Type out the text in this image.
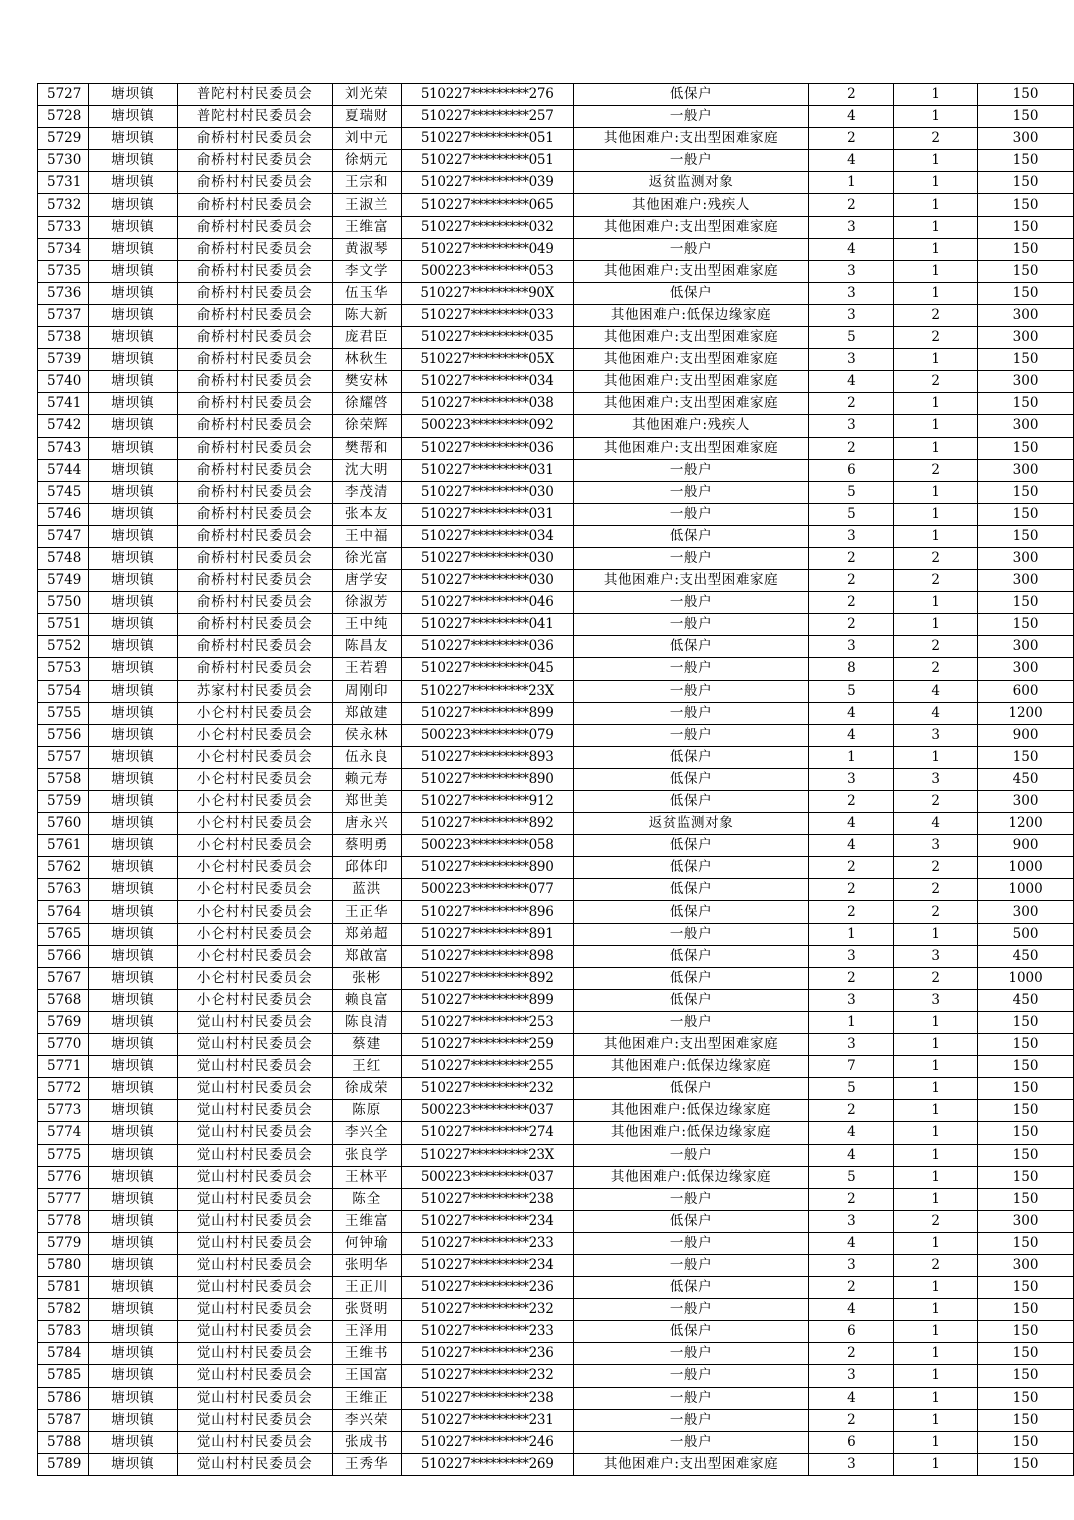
5727	塘坝镇	普陀村村民委员会	刘光荣	510227*********276	低保户	2	1	150
5728	塘坝镇	普陀村村民委员会	夏瑞财	510227*********257	一般户	4	1	150
5729	塘坝镇	俞桥村村民委员会	刘中元	510227*********051	其他困难户:支出型困难家庭	2	2	300
5730	塘坝镇	俞桥村村民委员会	徐炳元	510227*********051	一般户	4	1	150
5731	塘坝镇	俞桥村村民委员会	王宗和	510227*********039	返贫监测对象	1	1	150
5732	塘坝镇	俞桥村村民委员会	王淑兰	510227*********065	其他困难户:残疾人	2	1	150
5733	塘坝镇	俞桥村村民委员会	王维富	510227*********032	其他困难户:支出型困难家庭	3	1	150
5734	塘坝镇	俞桥村村民委员会	黄淑琴	510227*********049	一般户	4	1	150
5735	塘坝镇	俞桥村村民委员会	李文学	500223*********053	其他困难户:支出型困难家庭	3	1	150
5736	塘坝镇	俞桥村村民委员会	伍玉华	510227*********90X	低保户	3	1	150
5737	塘坝镇	俞桥村村民委员会	陈大新	510227*********033	其他困难户:低保边缘家庭	3	2	300
5738	塘坝镇	俞桥村村民委员会	庞君臣	510227*********035	其他困难户:支出型困难家庭	5	2	300
5739	塘坝镇	俞桥村村民委员会	林秋生	510227*********05X	其他困难户:支出型困难家庭	3	1	150
5740	塘坝镇	俞桥村村民委员会	樊安林	510227*********034	其他困难户:支出型困难家庭	4	2	300
5741	塘坝镇	俞桥村村民委员会	徐耀啓	510227*********038	其他困难户:支出型困难家庭	2	1	150
5742	塘坝镇	俞桥村村民委员会	徐荣辉	500223*********092	其他困难户:残疾人	3	1	300
5743	塘坝镇	俞桥村村民委员会	樊帮和	510227*********036	其他困难户:支出型困难家庭	2	1	150
5744	塘坝镇	俞桥村村民委员会	沈大明	510227*********031	一般户	6	2	300
5745	塘坝镇	俞桥村村民委员会	李茂清	510227*********030	一般户	5	1	150
5746	塘坝镇	俞桥村村民委员会	张本友	510227*********031	一般户	5	1	150
5747	塘坝镇	俞桥村村民委员会	王中福	510227*********034	低保户	3	1	150
5748	塘坝镇	俞桥村村民委员会	徐光富	510227*********030	一般户	2	2	300
5749	塘坝镇	俞桥村村民委员会	唐学安	510227*********030	其他困难户:支出型困难家庭	2	2	300
5750	塘坝镇	俞桥村村民委员会	徐淑芳	510227*********046	一般户	2	1	150
5751	塘坝镇	俞桥村村民委员会	王中纯	510227*********041	一般户	2	1	150
5752	塘坝镇	俞桥村村民委员会	陈昌友	510227*********036	低保户	3	2	300
5753	塘坝镇	俞桥村村民委员会	王若碧	510227*********045	一般户	8	2	300
5754	塘坝镇	苏家村村民委员会	周刚印	510227*********23X	一般户	5	4	600
5755	塘坝镇	小仑村村民委员会	郑啟建	510227*********899	一般户	4	4	1200
5756	塘坝镇	小仑村村民委员会	侯永林	500223*********079	一般户	4	3	900
5757	塘坝镇	小仑村村民委员会	伍永良	510227*********893	低保户	1	1	150
5758	塘坝镇	小仑村村民委员会	赖元寿	510227*********890	低保户	3	3	450
5759	塘坝镇	小仑村村民委员会	郑世美	510227*********912	低保户	2	2	300
5760	塘坝镇	小仑村村民委员会	唐永兴	510227*********892	返贫监测对象	4	4	1200
5761	塘坝镇	小仑村村民委员会	蔡明勇	500223*********058	低保户	4	3	900
5762	塘坝镇	小仑村村民委员会	邱体印	510227*********890	低保户	2	2	1000
5763	塘坝镇	小仑村村民委员会	蓝洪	500223*********077	低保户	2	2	1000
5764	塘坝镇	小仑村村民委员会	王正华	510227*********896	低保户	2	2	300
5765	塘坝镇	小仑村村民委员会	郑弟超	510227*********891	一般户	1	1	500
5766	塘坝镇	小仑村村民委员会	郑啟富	510227*********898	低保户	3	3	450
5767	塘坝镇	小仑村村民委员会	张彬	510227*********892	低保户	2	2	1000
5768	塘坝镇	小仑村村民委员会	赖良富	510227*********899	低保户	3	3	450
5769	塘坝镇	觉山村村民委员会	陈良清	510227*********253	一般户	1	1	150
5770	塘坝镇	觉山村村民委员会	蔡建	510227*********259	其他困难户:支出型困难家庭	3	1	150
5771	塘坝镇	觉山村村民委员会	王红	510227*********255	其他困难户:低保边缘家庭	7	1	150
5772	塘坝镇	觉山村村民委员会	徐成荣	510227*********232	低保户	5	1	150
5773	塘坝镇	觉山村村民委员会	陈原	500223*********037	其他困难户:低保边缘家庭	2	1	150
5774	塘坝镇	觉山村村民委员会	李兴全	510227*********274	其他困难户:低保边缘家庭	4	1	150
5775	塘坝镇	觉山村村民委员会	张良学	510227*********23X	一般户	4	1	150
5776	塘坝镇	觉山村村民委员会	王林平	500223*********037	其他困难户:低保边缘家庭	5	1	150
5777	塘坝镇	觉山村村民委员会	陈全	510227*********238	一般户	2	1	150
5778	塘坝镇	觉山村村民委员会	王维富	510227*********234	低保户	3	2	300
5779	塘坝镇	觉山村村民委员会	何钟瑜	510227*********233	一般户	4	1	150
5780	塘坝镇	觉山村村民委员会	张明华	510227*********234	一般户	3	2	300
5781	塘坝镇	觉山村村民委员会	王正川	510227*********236	低保户	2	1	150
5782	塘坝镇	觉山村村民委员会	张贤明	510227*********232	一般户	4	1	150
5783	塘坝镇	觉山村村民委员会	王泽用	510227*********233	低保户	6	1	150
5784	塘坝镇	觉山村村民委员会	王维书	510227*********236	一般户	2	1	150
5785	塘坝镇	觉山村村民委员会	王国富	510227*********232	一般户	3	1	150
5786	塘坝镇	觉山村村民委员会	王维正	510227*********238	一般户	4	1	150
5787	塘坝镇	觉山村村民委员会	李兴荣	510227*********231	一般户	2	1	150
5788	塘坝镇	觉山村村民委员会	张成书	510227*********246	一般户	6	1	150
5789	塘坝镇	觉山村村民委员会	王秀华	510227*********269	其他困难户:支出型困难家庭	3	1	150
